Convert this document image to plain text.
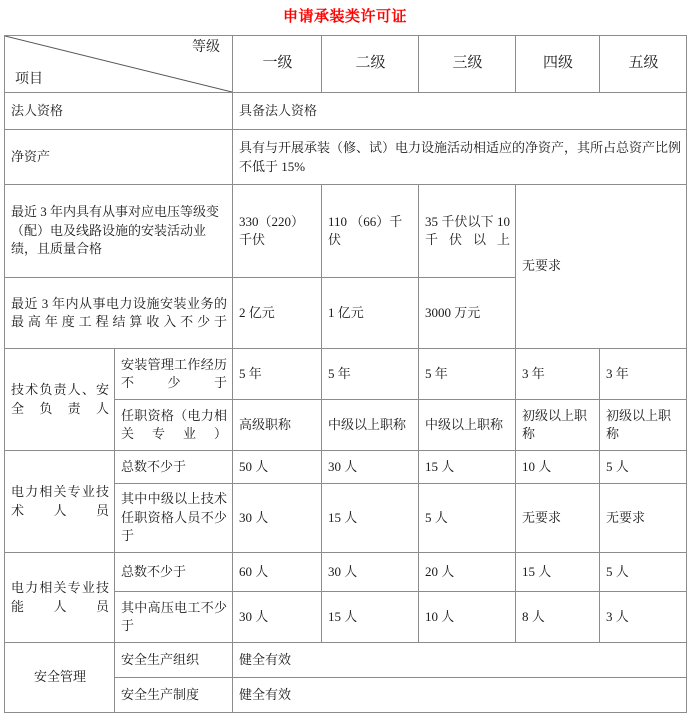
申请承装类许可证
等级
项目		一级	二级	三级	四级	五级
法人资格		具备法人资格				
净资产		具有与开展承装（修、试）电力设施活动相适应的净资产，其所占总资产比例不低于 15%				
最近 3 年内具有从事对应电压等级变（配）电及线路设施的安装活动业绩，且质量合格		330（220）千伏	110 （66）千伏	35 千伏以下 10 千伏以上	无要求	
最近 3 年内从事电力设施安装业务的最高年度工程结算收入不少于		2 亿元	1 亿元	3000 万元		
技术负责人、安全负责人	安装管理工作经历不少于	5 年	5 年	5 年	3 年	3 年
	任职资格（电力相关专业）	高级职称	中级以上职称	中级以上职称	初级以上职称	初级以上职称
电力相关专业技术人员	总数不少于	50 人	30 人	15 人	10 人	5 人
	其中中级以上技术任职资格人员不少于	30 人	15 人	5 人	无要求	无要求
电力相关专业技能人员	总数不少于	60 人	30 人	20 人	15 人	5 人
	其中高压电工不少于	30 人	15 人	10 人	8 人	3 人
安全管理	安全生产组织	健全有效				
	安全生产制度	健全有效				
